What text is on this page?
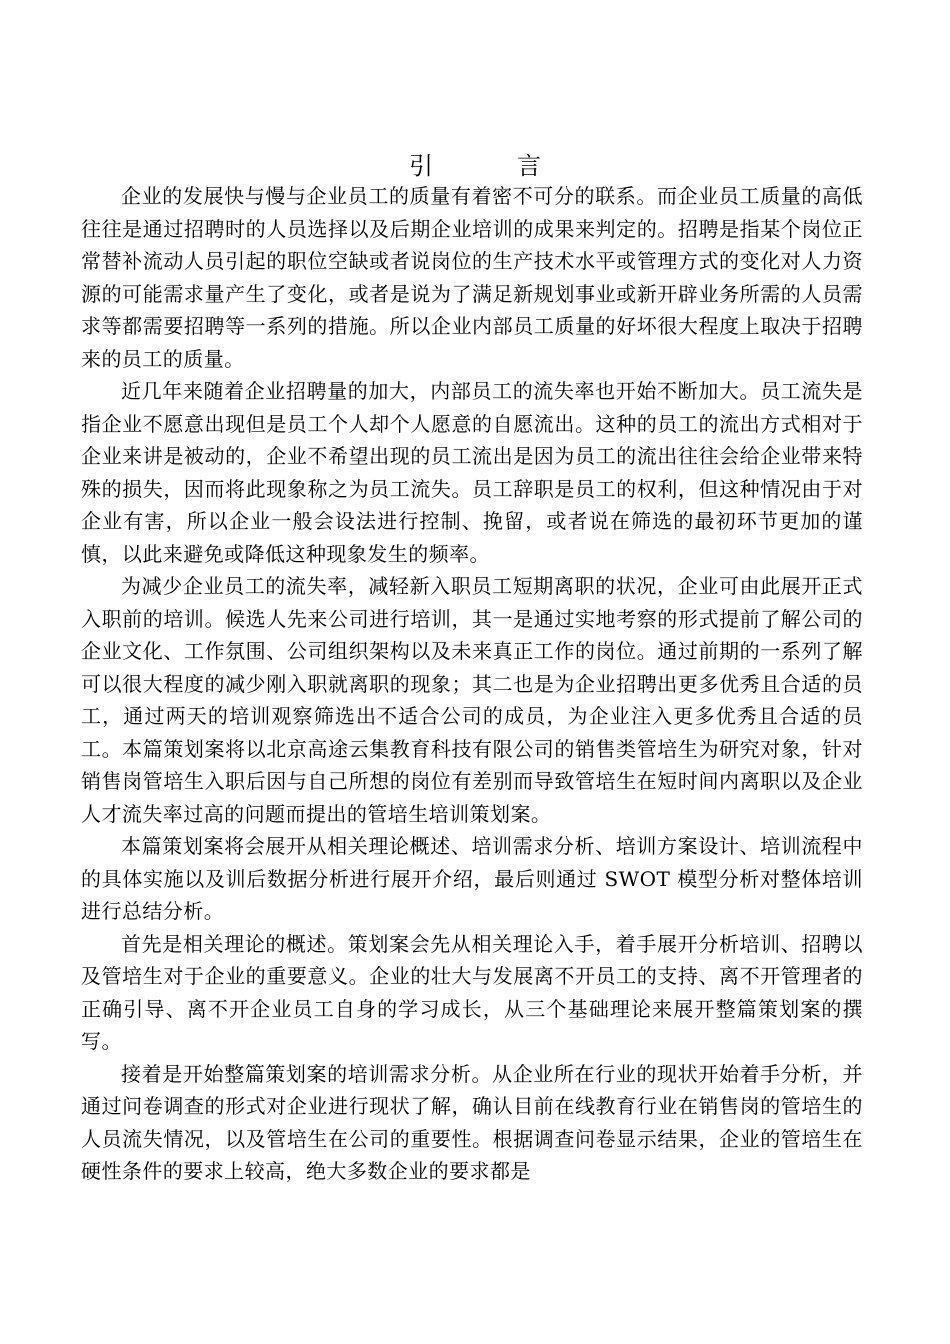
引　言

企业的发展快与慢与企业员工的质量有着密不可分的联系。而企业员工质量的高低往往是通过招聘时的人员选择以及后期企业培训的成果来判定的。招聘是指某个岗位正常替补流动人员引起的职位空缺或者说岗位的生产技术水平或管理方式的变化对人力资源的可能需求量产生了变化，或者是说为了满足新规划事业或新开辟业务所需的人员需求等都需要招聘等一系列的措施。所以企业内部员工质量的好坏很大程度上取决于招聘来的员工的质量。

近几年来随着企业招聘量的加大，内部员工的流失率也开始不断加大。员工流失是指企业不愿意出现但是员工个人却个人愿意的自愿流出。这种的员工的流出方式相对于企业来讲是被动的，企业不希望出现的员工流出是因为员工的流出往往会给企业带来特殊的损失，因而将此现象称之为员工流失。员工辞职是员工的权利，但这种情况由于对企业有害，所以企业一般会设法进行控制、挽留，或者说在筛选的最初环节更加的谨慎，以此来避免或降低这种现象发生的频率。

为减少企业员工的流失率，减轻新入职员工短期离职的状况，企业可由此展开正式入职前的培训。候选人先来公司进行培训，其一是通过实地考察的形式提前了解公司的企业文化、工作氛围、公司组织架构以及未来真正工作的岗位。通过前期的一系列了解可以很大程度的减少刚入职就离职的现象；其二也是为企业招聘出更多优秀且合适的员工，通过两天的培训观察筛选出不适合公司的成员，为企业注入更多优秀且合适的员工。本篇策划案将以北京高途云集教育科技有限公司的销售类管培生为研究对象，针对销售岗管培生入职后因与自己所想的岗位有差别而导致管培生在短时间内离职以及企业人才流失率过高的问题而提出的管培生培训策划案。

本篇策划案将会展开从相关理论概述、培训需求分析、培训方案设计、培训流程中的具体实施以及训后数据分析进行展开介绍，最后则通过 SWOT 模型分析对整体培训进行总结分析。

首先是相关理论的概述。策划案会先从相关理论入手，着手展开分析培训、招聘以及管培生对于企业的重要意义。企业的壮大与发展离不开员工的支持、离不开管理者的正确引导、离不开企业员工自身的学习成长，从三个基础理论来展开整篇策划案的撰写。

接着是开始整篇策划案的培训需求分析。从企业所在行业的现状开始着手分析，并通过问卷调查的形式对企业进行现状了解，确认目前在线教育行业在销售岗的管培生的人员流失情况，以及管培生在公司的重要性。根据调查问卷显示结果，企业的管培生在硬性条件的要求上较高，绝大多数企业的要求都是
